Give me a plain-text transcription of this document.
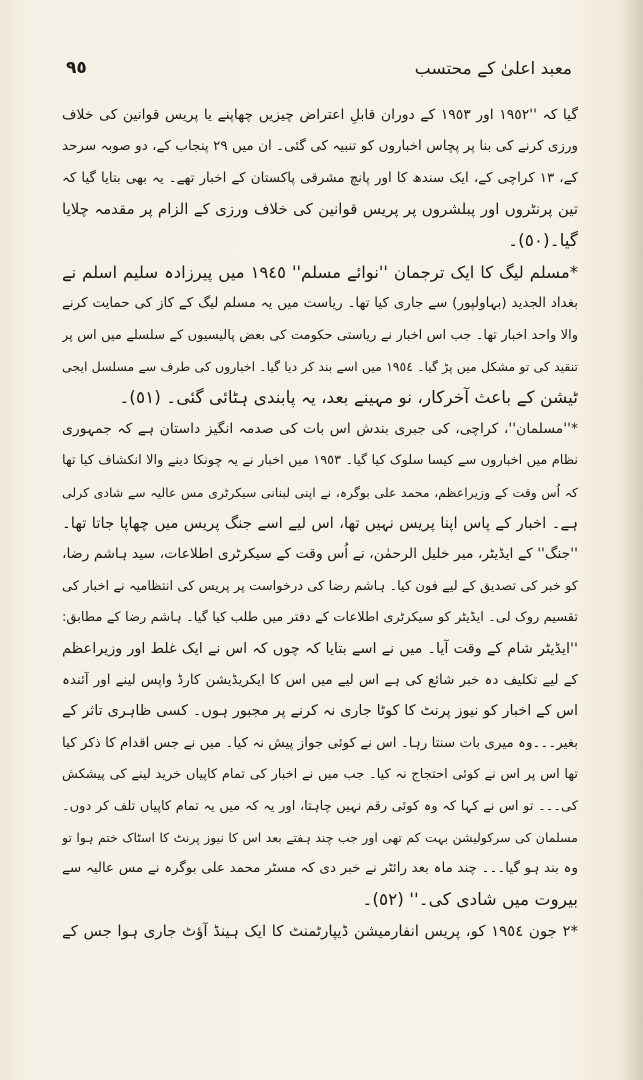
٩٥	معبد اعلیٰ کے محتسب
گیا کہ ''١٩٥٢ اور ١٩٥٣ کے دوران قابلِ اعتراض چیزیں چھاپنے یا پریس قوانین کی خلاف
ورزی کرنے کی بنا پر پچاس اخباروں کو تنبیہ کی گئی۔ ان میں ٢٩ پنجاب کے، دو صوبہ سرحد
کے، ١٣ کراچی کے، ایک سندھ کا اور پانچ مشرقی پاکستان کے اخبار تھے۔ یہ بھی بتایا گیا کہ
تین پرنٹروں اور پبلشروں پر پریس قوانین کی خلاف ورزی کے الزام پر مقدمہ چلایا
گیا۔(٥٠)۔
*مسلم لیگ کا ایک ترجمان ''نوائے مسلم'' ١٩٤٥ میں پیرزادہ سلیم اسلم نے
بغداد الجدید (بہاولپور) سے جاری کیا تھا۔ ریاست میں یہ مسلم لیگ کے کاز کی حمایت کرنے
والا واحد اخبار تھا۔ جب اس اخبار نے ریاستی حکومت کی بعض پالیسیوں کے سلسلے میں اس پر
تنقید کی تو مشکل میں پڑ گیا۔ ١٩٥٤ میں اسے بند کر دیا گیا۔ اخباروں کی طرف سے مسلسل ایجی
ٹیشن کے باعث آخرکار، نو مہینے بعد، یہ پابندی ہٹائی گئی۔ (٥١)۔
*''مسلمان''، کراچی، کی جبری بندش اس بات کی صدمہ انگیز داستان ہے کہ جمہوری
نظام میں اخباروں سے کیسا سلوک کیا گیا۔ ١٩٥٣ میں اخبار نے یہ چونکا دینے والا انکشاف کیا تھا
کہ اُس وقت کے وزیراعظم، محمد علی بوگرہ، نے اپنی لبنانی سیکرٹری مس عالیہ سے شادی کرلی
ہے۔ اخبار کے پاس اپنا پریس نہیں تھا، اس لیے اسے جنگ پریس میں چھاپا جاتا تھا۔
''جنگ'' کے ایڈیٹر، میر خلیل الرحمٰن، نے اُس وقت کے سیکرٹری اطلاعات، سید ہاشم رضا،
کو خبر کی تصدیق کے لیے فون کیا۔ ہاشم رضا کی درخواست پر پریس کی انتظامیہ نے اخبار کی
تقسیم روک لی۔ ایڈیٹر کو سیکرٹری اطلاعات کے دفتر میں طلب کیا گیا۔ ہاشم رضا کے مطابق:
''ایڈیٹر شام کے وقت آیا۔ میں نے اسے بتایا کہ چوں کہ اس نے ایک غلط اور وزیراعظم
کے لیے تکلیف دہ خبر شائع کی ہے اس لیے میں اس کا ایکریڈیشن کارڈ واپس لینے اور آئندہ
اس کے اخبار کو نیوز پرنٹ کا کوٹا جاری نہ کرنے پر مجبور ہوں۔ کسی ظاہری تاثر کے
بغیر۔۔۔وہ میری بات سنتا رہا۔ اس نے کوئی جواز پیش نہ کیا۔ میں نے جس اقدام کا ذکر کیا
تھا اس پر اس نے کوئی احتجاج نہ کیا۔ جب میں نے اخبار کی تمام کاپیاں خرید لینے کی پیشکش
کی۔۔۔ تو اس نے کہا کہ وہ کوئی رقم نہیں چاہتا، اور یہ کہ میں یہ تمام کاپیاں تلف کر دوں۔
مسلمان کی سرکولیشن بہت کم تھی اور جب چند ہفتے بعد اس کا نیوز پرنٹ کا اسٹاک ختم ہوا تو
وہ بند ہو گیا۔۔۔ چند ماہ بعد رائٹر نے خبر دی کہ مسٹر محمد علی بوگرہ نے مس عالیہ سے
بیروت میں شادی کی۔'' (٥٢)۔
*٢ جون ١٩٥٤ کو، پریس انفارمیشن ڈیپارٹمنٹ کا ایک ہینڈ آؤٹ جاری ہوا جس کے
